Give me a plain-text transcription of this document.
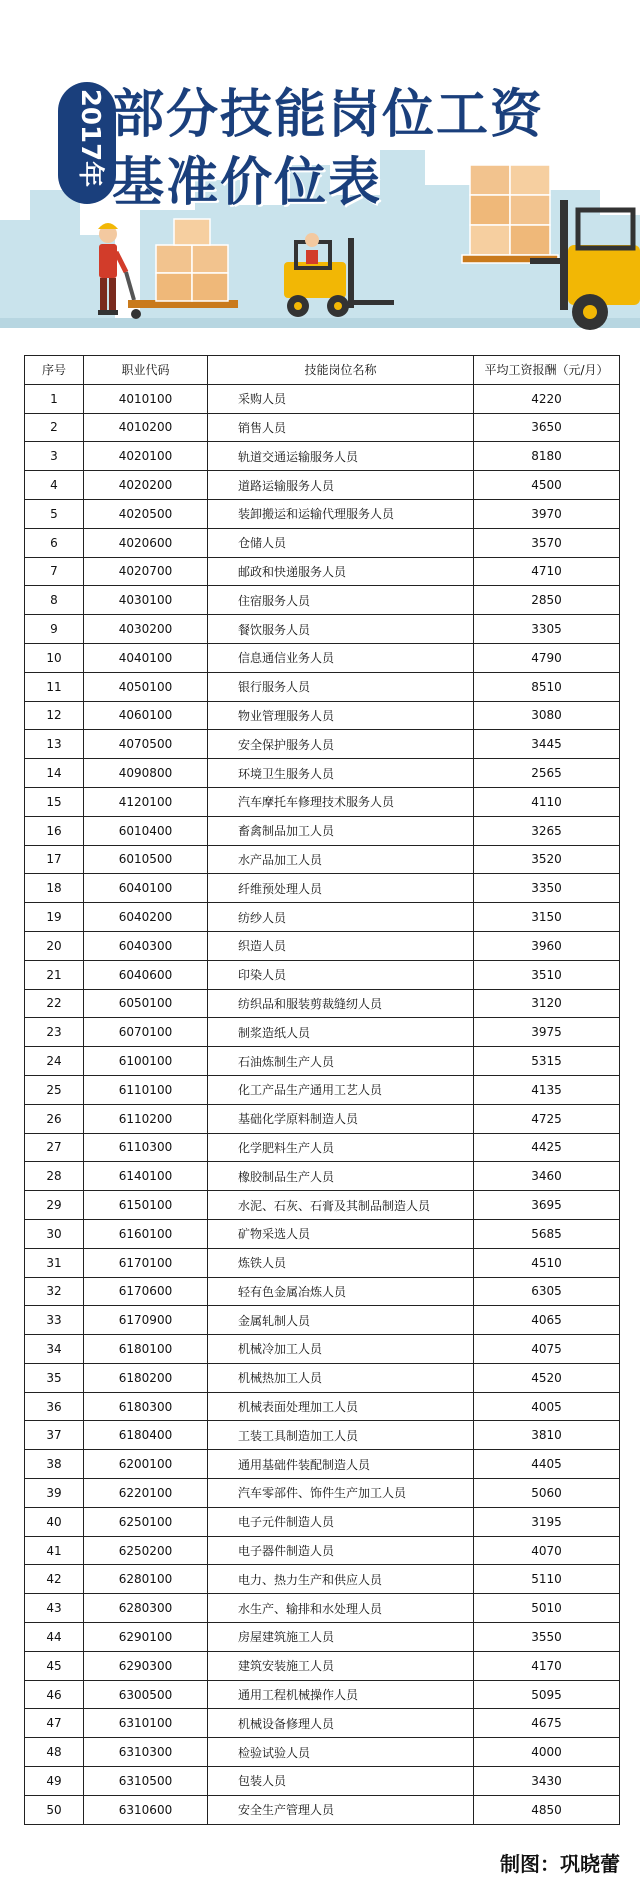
2017年 部分技能岗位工资
基准价位表
序号	职业代码	技能岗位名称	平均工资报酬（元/月）
1	4010100	采购人员	4220
2	4010200	销售人员	3650
3	4020100	轨道交通运输服务人员	8180
4	4020200	道路运输服务人员	4500
5	4020500	装卸搬运和运输代理服务人员	3970
6	4020600	仓储人员	3570
7	4020700	邮政和快递服务人员	4710
8	4030100	住宿服务人员	2850
9	4030200	餐饮服务人员	3305
10	4040100	信息通信业务人员	4790
11	4050100	银行服务人员	8510
12	4060100	物业管理服务人员	3080
13	4070500	安全保护服务人员	3445
14	4090800	环境卫生服务人员	2565
15	4120100	汽车摩托车修理技术服务人员	4110
16	6010400	畜禽制品加工人员	3265
17	6010500	水产品加工人员	3520
18	6040100	纤维预处理人员	3350
19	6040200	纺纱人员	3150
20	6040300	织造人员	3960
21	6040600	印染人员	3510
22	6050100	纺织品和服装剪裁缝纫人员	3120
23	6070100	制浆造纸人员	3975
24	6100100	石油炼制生产人员	5315
25	6110100	化工产品生产通用工艺人员	4135
26	6110200	基础化学原料制造人员	4725
27	6110300	化学肥料生产人员	4425
28	6140100	橡胶制品生产人员	3460
29	6150100	水泥、石灰、石膏及其制品制造人员	3695
30	6160100	矿物采选人员	5685
31	6170100	炼铁人员	4510
32	6170600	轻有色金属冶炼人员	6305
33	6170900	金属轧制人员	4065
34	6180100	机械冷加工人员	4075
35	6180200	机械热加工人员	4520
36	6180300	机械表面处理加工人员	4005
37	6180400	工装工具制造加工人员	3810
38	6200100	通用基础件装配制造人员	4405
39	6220100	汽车零部件、饰件生产加工人员	5060
40	6250100	电子元件制造人员	3195
41	6250200	电子器件制造人员	4070
42	6280100	电力、热力生产和供应人员	5110
43	6280300	水生产、输排和水处理人员	5010
44	6290100	房屋建筑施工人员	3550
45	6290300	建筑安装施工人员	4170
46	6300500	通用工程机械操作人员	5095
47	6310100	机械设备修理人员	4675
48	6310300	检验试验人员	4000
49	6310500	包装人员	3430
50	6310600	安全生产管理人员	4850
制图：巩晓蕾
